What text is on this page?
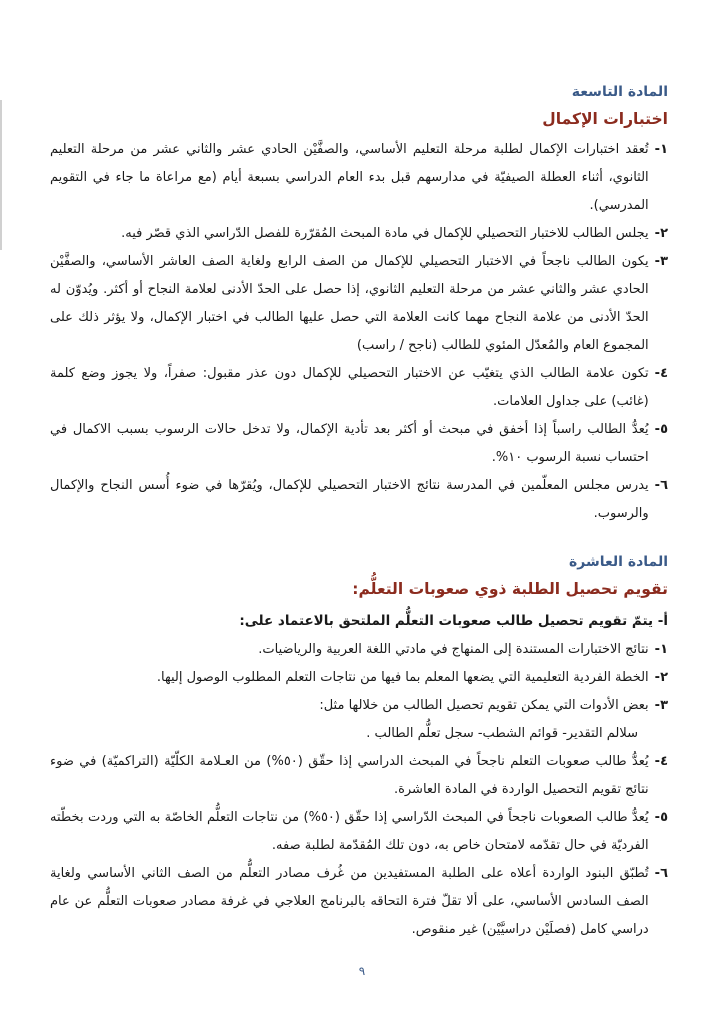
المادة التاسعة
اختبارات الإكمال
١-
تُعقد اختبارات الإكمال لطلبة مرحلة التعليم الأساسي، والصفَّيْن الحادي عشر والثاني عشر من مرحلة التعليم الثانوي، أثناء العطلة الصيفيّة في مدارسهم قبل بدء العام الدراسي بسبعة أيام (مع مراعاة ما جاء في التقويم المدرسي).
٢-
يجلس الطالب للاختبار التحصيلي للإكمال في مادة المبحث المُقرّرة للفصل الدّراسي الذي قصّر فيه.
٣-
يكون الطالب ناجحاً في الاختبار التحصيلي للإكمال من الصف الرابع ولغاية الصف العاشر الأساسي، والصفَّيْن الحادي عشر والثاني عشر من مرحلة التعليم الثانوي، إذا حصل على الحدّ الأدنى لعلامة النجاح أو أكثر. ويُدوّن له الحدّ الأدنى من علامة النجاح مهما كانت العلامة التي حصل عليها الطالب في اختبار الإكمال، ولا يؤثر ذلك على المجموع العام والمُعدّل المئوي للطالب (ناجح / راسب)
٤-
تكون علامة الطالب الذي يتغيّب عن الاختبار التحصيلي للإكمال دون عذر مقبول: صفراً، ولا يجوز وضع كلمة (غائب) على جداول العلامات.
٥-
يُعدُّ الطالب راسباً إذا أخفق في مبحث أو أكثر بعد تأدية الإكمال، ولا تدخل حالات الرسوب بسبب الاكمال في احتساب نسبة الرسوب ١٠%.
٦-
يدرس مجلس المعلّمين في المدرسة نتائج الاختبار التحصيلي للإكمال، ويُقرّها في ضوء أُسس النجاح والإكمال والرسوب.
المادة العاشرة
تقويم تحصيل الطلبة ذوي صعوبات التعلُّم:
أ- يتمّ تقويم تحصيل طالب صعوبات التعلُّم الملتحق بالاعتماد على:
١-
نتائج الاختبارات المستندة إلى المنهاج في مادتي اللغة العربية والرياضيات.
٢-
الخطة الفردية التعليمية التي يضعها المعلم بما فيها من نتاجات التعلم المطلوب الوصول إليها.
٣-
بعض الأدوات التي يمكن تقويم تحصيل الطالب من خلالها مثل:
سلالم التقدير- قوائم الشطب- سجل تعلُّم الطالب .
٤-
يُعدُّ طالب صعوبات التعلم ناجحاً في المبحث الدراسي إذا حقّق (٥٠%) من العـلامة الكلّيّة (التراكميّة) في ضوء نتائج تقويم التحصيل الواردة في المادة العاشرة.
٥-
يُعدُّ طالب الصعوبات ناجحاً في المبحث الدّراسي إذا حقّق (٥٠%) من نتاجات التعلُّم الخاصّة به التي وردت بخطّته الفرديّة في حال تقدّمه لامتحان خاص به، دون تلك المُقدّمة لطلبة صفه.
٦-
تُطبّق البنود الواردة أعلاه على الطلبة المستفيدين من غُرف مصادر التعلُّم من الصف الثاني الأساسي ولغاية الصف السادس الأساسي، على ألا تقلّ فترة التحاقه بالبرنامج العلاجي في غرفة مصادر صعوبات التعلُّم عن عام دراسي كامل (فصلَيْن دراسيَّيْن) غير منقوص.
٩
